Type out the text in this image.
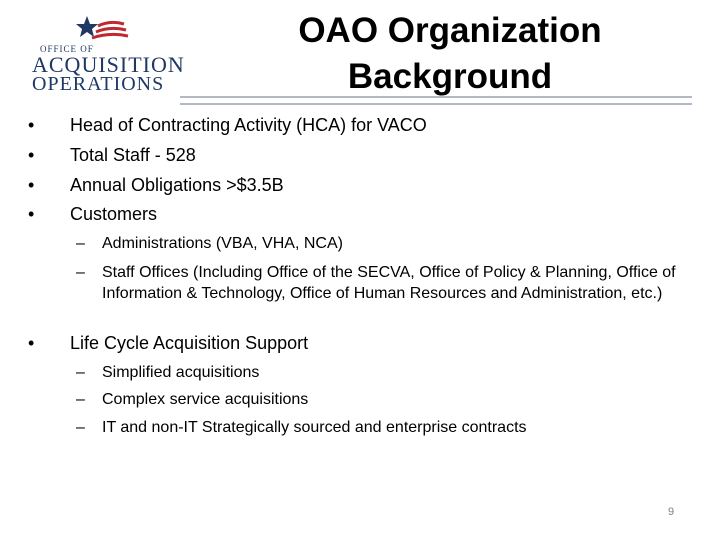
OFFICE OF
ACQUISITION
OPERATIONS
OAO Organization
Background
• Head of Contracting Activity (HCA) for VACO
• Total Staff - 528
• Annual Obligations >$3.5B
• Customers
– Administrations (VBA, VHA, NCA)
– Staff Offices (Including Office of the SECVA, Office of Policy & Planning, Office of Information & Technology, Office of Human Resources and Administration, etc.)
• Life Cycle Acquisition Support
– Simplified acquisitions
– Complex service acquisitions
– IT and non-IT Strategically sourced and enterprise contracts
9
